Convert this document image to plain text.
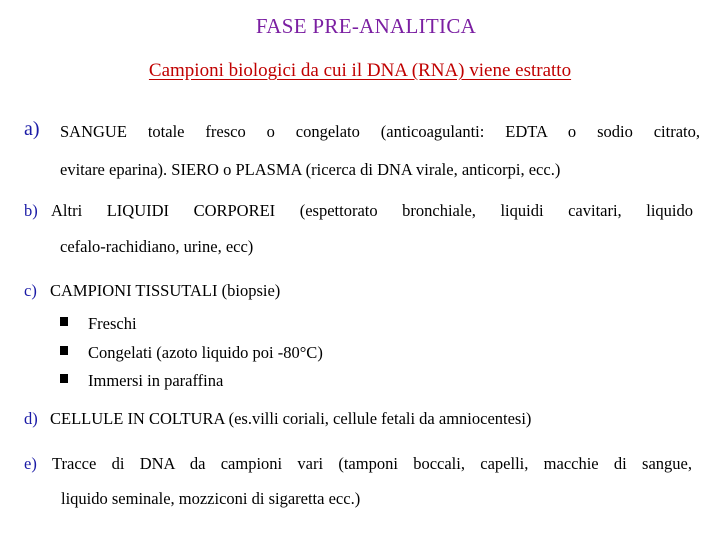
FASE PRE-ANALITICA
Campioni biologici da cui il DNA (RNA) viene estratto
a) SANGUE totale fresco o congelato (anticoagulanti: EDTA o sodio citrato,
evitare eparina). SIERO o PLASMA (ricerca di DNA virale, anticorpi, ecc.)
b) Altri LIQUIDI CORPOREI (espettorato bronchiale, liquidi cavitari, liquido
cefalo-rachidiano, urine, ecc)
c) CAMPIONI TISSUTALI (biopsie)
Freschi
Congelati (azoto liquido poi -80°C)
Immersi in paraffina
d) CELLULE IN COLTURA (es.villi coriali, cellule fetali da amniocentesi)
e) Tracce di DNA da campioni vari (tamponi boccali, capelli, macchie di sangue,
liquido seminale, mozziconi di sigaretta ecc.)
